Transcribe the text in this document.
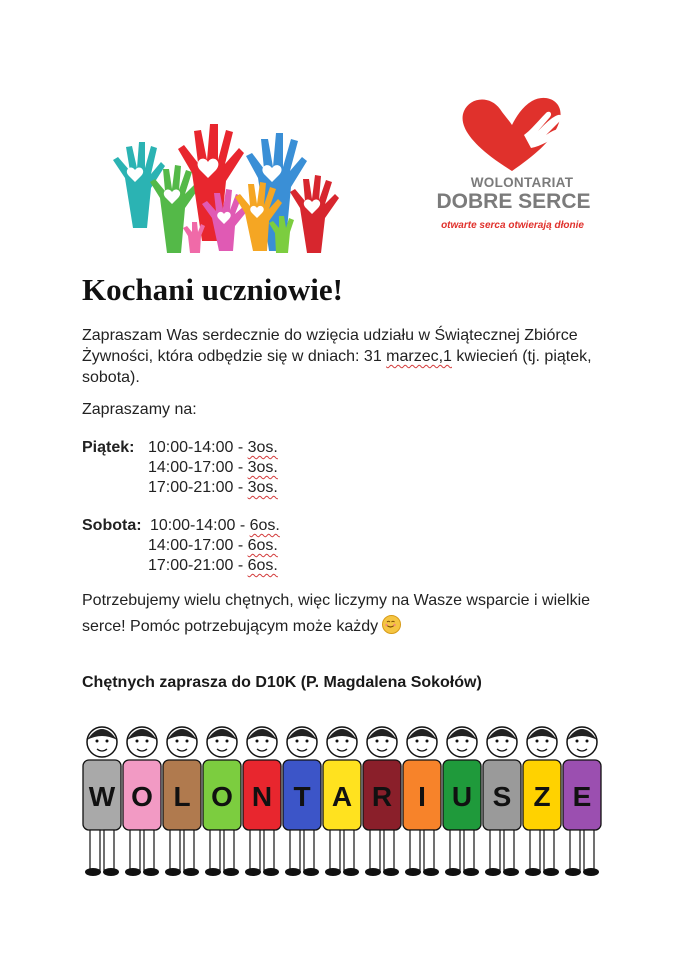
WOLONTARIAT
DOBRE SERCE
otwarte serca otwierają dłonie
Kochani uczniowie!
Zapraszam Was serdecznie do wzięcia udziału w Świątecznej Zbiórce Żywności, która odbędzie się w dniach: 31 marzec,1 kwiecień (tj. piątek, sobota).
Zapraszamy na:
Piątek: 10:00-14:00 - 3os.
14:00-17:00 - 3os.
17:00-21:00 - 3os.
Sobota: 10:00-14:00 - 6os.
14:00-17:00 - 6os.
17:00-21:00 - 6os.
Potrzebujemy wielu chętnych, więc liczymy na Wasze wsparcie i wielkie serce! Pomóc potrzebującym może każdy
Chętnych zaprasza do D10K (P. Magdalena Sokołów)
W O L O N T A R I U S Z E
